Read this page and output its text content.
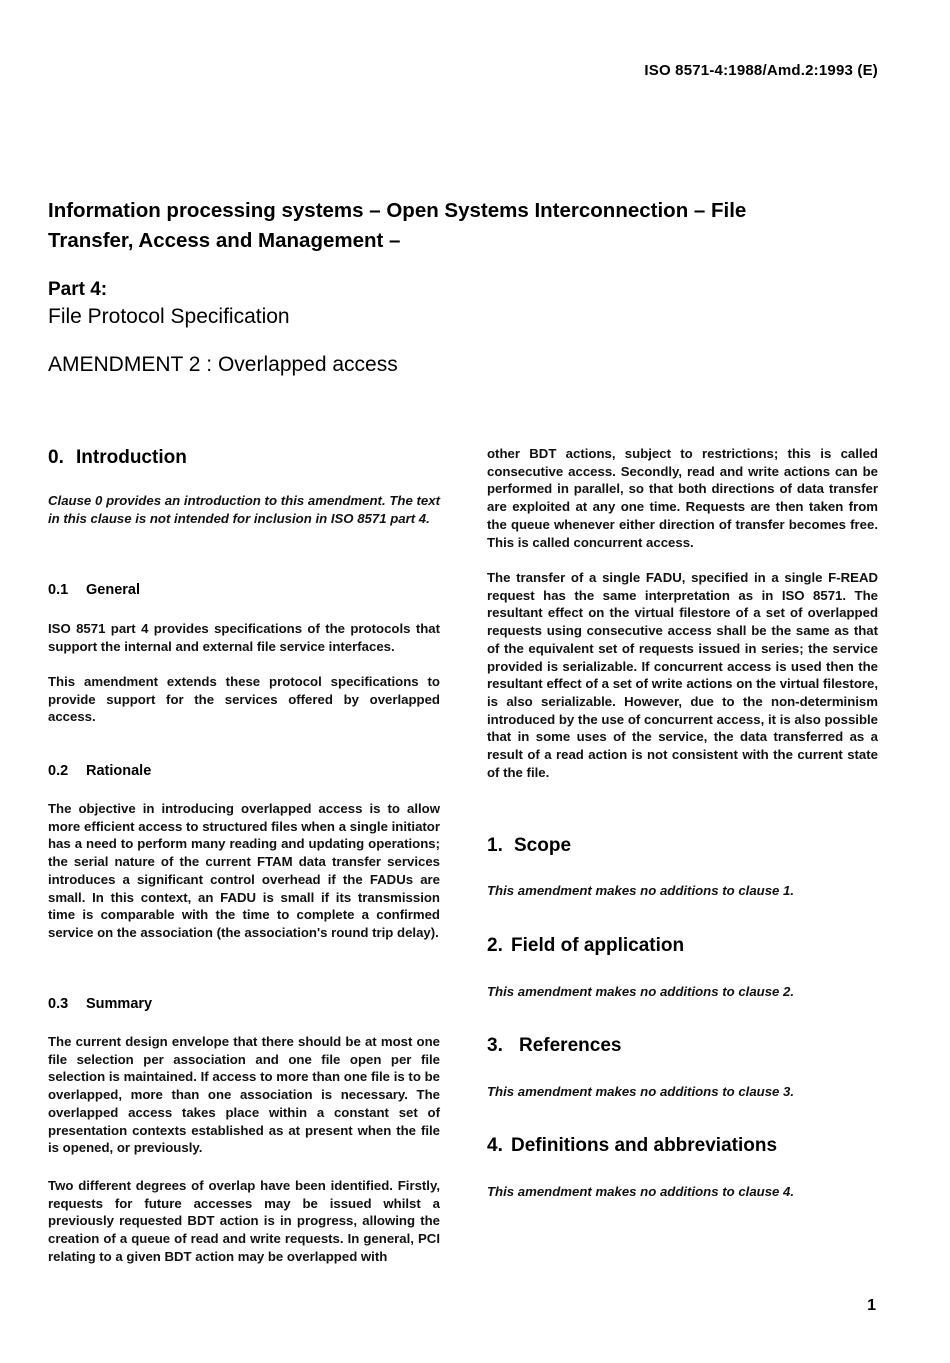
ISO 8571-4:1988/Amd.2:1993 (E)
Information processing systems – Open Systems Interconnection – File
Transfer, Access and Management –
Part 4:
File Protocol Specification
AMENDMENT 2 : Overlapped access
0. Introduction
Clause 0 provides an introduction to this amendment. The text in this clause is not intended for inclusion in ISO 8571 part 4.
0.1 General
ISO 8571 part 4 provides specifications of the protocols that support the internal and external file service interfaces.
This amendment extends these protocol specifications to provide support for the services offered by overlapped access.
0.2 Rationale
The objective in introducing overlapped access is to allow more efficient access to structured files when a single initiator has a need to perform many reading and updating operations; the serial nature of the current FTAM data transfer services introduces a significant control overhead if the FADUs are small. In this context, an FADU is small if its transmission time is comparable with the time to complete a confirmed service on the association (the association's round trip delay).
0.3 Summary
The current design envelope that there should be at most one file selection per association and one file open per file selection is maintained. If access to more than one file is to be overlapped, more than one association is necessary. The overlapped access takes place within a constant set of presentation contexts established as at present when the file is opened, or previously.
Two different degrees of overlap have been identified. Firstly, requests for future accesses may be issued whilst a previously requested BDT action is in progress, allowing the creation of a queue of read and write requests. In general, PCI relating to a given BDT action may be overlapped with
other BDT actions, subject to restrictions; this is called consecutive access. Secondly, read and write actions can be performed in parallel, so that both directions of data transfer are exploited at any one time. Requests are then taken from the queue whenever either direction of transfer becomes free. This is called concurrent access.
The transfer of a single FADU, specified in a single F-READ request has the same interpretation as in ISO 8571. The resultant effect on the virtual filestore of a set of overlapped requests using consecutive access shall be the same as that of the equivalent set of requests issued in series; the service provided is serializable. If concurrent access is used then the resultant effect of a set of write actions on the virtual filestore, is also serializable. However, due to the non-determinism introduced by the use of concurrent access, it is also possible that in some uses of the service, the data transferred as a result of a read action is not consistent with the current state of the file.
1. Scope
This amendment makes no additions to clause 1.
2. Field of application
This amendment makes no additions to clause 2.
3. References
This amendment makes no additions to clause 3.
4. Definitions and abbreviations
This amendment makes no additions to clause 4.
1
